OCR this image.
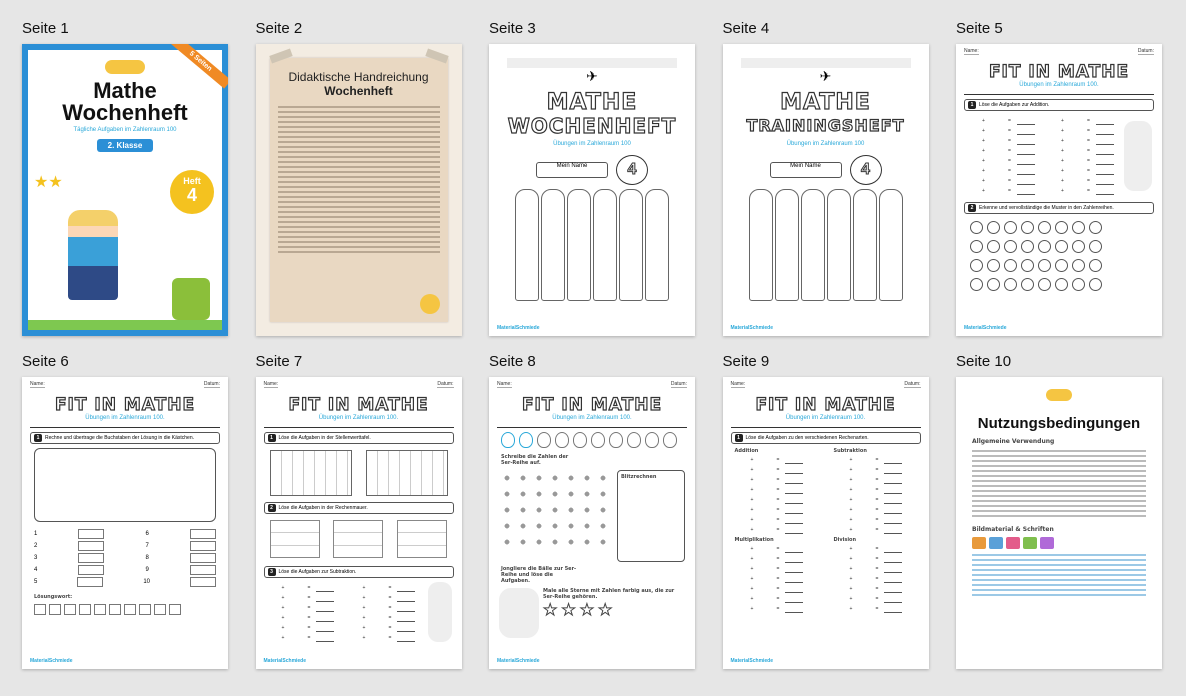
Seite 1
5 Seiten
Mathe
Wochenheft
Tägliche Aufgaben im Zahlenraum 100
2. Klasse
Heft
4
★★
Seite 2
Didaktische Handreichung
Wochenheft
Seite 3
✈
MATHE
WOCHENHEFT
Übungen im Zahlenraum 100
Mein Name	4
MaterialSchmiede
Seite 4
✈
MATHE
TRAININGSHEFT
Übungen im Zahlenraum 100
Mein Name	4
MaterialSchmiede
Seite 5
Name:	Datum:
FIT IN MATHE
Übungen im Zahlenraum 100.
1	Löse die Aufgaben zur Addition.
+	=
+	=
+	=
+	=
+	=
+	=
+	=
+	=
+	=
+	=
+	=
+	=
+	=
+	=
+	=
+	=
2	Erkenne und vervollständige die Muster in den Zahlenreihen.
MaterialSchmiede
Seite 6
Name:	Datum:
FIT IN MATHE
Übungen im Zahlenraum 100.
1	Rechne und übertrage die Buchstaben der Lösung in die Kästchen.
1	6
2	7
3	8
4	9
5	10
Lösungswort:
MaterialSchmiede
Seite 7
Name:	Datum:
FIT IN MATHE
Übungen im Zahlenraum 100.
1	Löse die Aufgaben in der Stellenwerttafel.
2	Löse die Aufgaben in der Rechenmauer.
3	Löse die Aufgaben zur Subtraktion.
+	=
+	=
+	=
+	=
+	=
+	=
+	=
+	=
+	=
+	=
+	=
+	=
MaterialSchmiede
Seite 8
Name:	Datum:
FIT IN MATHE
Übungen im Zahlenraum 100.
Schreibe die Zahlen der 5er-Reihe auf.
Blitzrechnen
Jongliere die Bälle zur 5er-Reihe und löse die Aufgaben.
Male alle Sterne mit Zahlen farbig aus, die zur 5er-Reihe gehören.
★★★★
MaterialSchmiede
Seite 9
Name:	Datum:
FIT IN MATHE
Übungen im Zahlenraum 100.
1	Löse die Aufgaben zu den verschiedenen Rechenarten.
Addition
+	=
+	=
+	=
+	=
+	=
+	=
+	=
+	=
Subtraktion
+	=
+	=
+	=
+	=
+	=
+	=
+	=
+	=
Multiplikation
+	=
+	=
+	=
+	=
+	=
+	=
+	=
Division
+	=
+	=
+	=
+	=
+	=
+	=
+	=
MaterialSchmiede
Seite 10
Nutzungsbedingungen
Allgemeine Verwendung
Bildmaterial & Schriften
